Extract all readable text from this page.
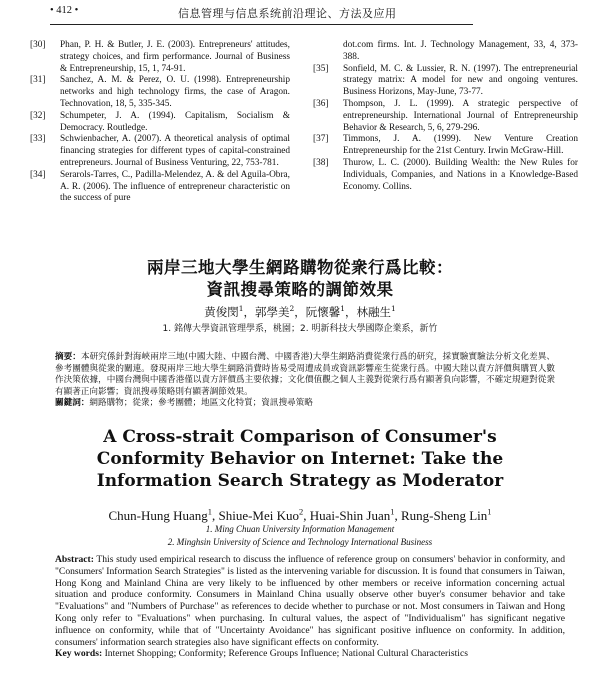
• 412 •	信息管理与信息系统前沿理论、方法及应用
[30] Phan, P. H. & Butler, J. E. (2003). Entrepreneurs' attitudes, strategy choices, and firm performance. Journal of Business & Entrepreneurship, 15, 1, 74-91.
[31] Sanchez, A. M. & Perez, O. U. (1998). Entrepreneurship networks and high technology firms, the case of Aragon. Technovation, 18, 5, 335-345.
[32] Schumpeter, J. A. (1994). Capitalism, Socialism & Democracy. Routledge.
[33] Schwienbacher, A. (2007). A theoretical analysis of optimal financing strategies for different types of capital-constrained entrepreneurs. Journal of Business Venturing, 22, 753-781.
[34] Serarols-Tarres, C., Padilla-Melendez, A. & del Aguila-Obra, A. R. (2006). The influence of entrepreneur characteristic on the success of pure
dot.com firms. Int. J. Technology Management, 33, 4, 373-388.
[35] Sonfield, M. C. & Lussier, R. N. (1997). The entrepreneurial strategy matrix: A model for new and ongoing ventures. Business Horizons, May-June, 73-77.
[36] Thompson, J. L. (1999). A strategic perspective of entrepreneurship. International Journal of Entrepreneurship Behavior & Research, 5, 6, 279-296.
[37] Timmons, J. A. (1999). New Venture Creation Entrepreneurship for the 21st Century. Irwin McGraw-Hill.
[38] Thurow, L. C. (2000). Building Wealth: the New Rules for Individuals, Companies, and Nations in a Knowledge-Based Economy. Collins.
兩岸三地大學生網路購物從衆行爲比較：
資訊搜尋策略的調節效果
黄俊閔$^1$，郭學美$^2$，阮懷馨$^1$，林融生$^1$
1. 銘傳大學資訊管理學系，桃園；2. 明新科技大學國際企業系，新竹
摘要：本研究係針對海峽兩岸三地(中國大陸、中國台灣、中國香港)大學生網路消費從衆行爲的研究，採實驗實驗法分析文化差異、參考團體與從衆的關連。發現兩岸三地大學生網路消費時皆易受周遭成員或資訊影響産生從衆行爲。中國大陸以責方評價與購買人數作決策依據，中國台灣與中國香港僅以責方評價爲主要依據；文化價值觀之個人主義對從衆行爲有顯著負向影響，不確定規避對從衆有顯著正向影響；資訊搜尋策略則有顯著調節效果。
關鍵詞：網路購物；從衆；參考團體；地區文化特質；資訊搜尋策略
A Cross-strait Comparison of Consumer's
Conformity Behavior on Internet: Take the
Information Search Strategy as Moderator
Chun-Hung Huang$^1$, Shiue-Mei Kuo$^2$, Huai-Shin Juan$^1$, Rung-Sheng Lin$^1$
1. Ming Chuan University Information Management
2. Minghsin University of Science and Technology International Business
Abstract: This study used empirical research to discuss the influence of reference group on consumers' behavior in conformity, and "Consumers' Information Search Strategies" is listed as the intervening variable for discussion. It is found that consumers in Taiwan, Hong Kong and Mainland China are very likely to be influenced by other members or receive information concerning actual situation and produce conformity. Consumers in Mainland China usually observe other buyer's consumer behavior and take "Evaluations" and "Numbers of Purchase" as references to decide whether to purchase or not. Most consumers in Taiwan and Hong Kong only refer to "Evaluations" when purchasing. In cultural values, the aspect of "Individualism" has significant negative influence on conformity, while that of "Uncertainty Avoidance" has significant positive influence on conformity. In addition, consumers' information search strategies also have significant effects on conformity.
Key words: Internet Shopping; Conformity; Reference Groups Influence; National Cultural Characteristics
